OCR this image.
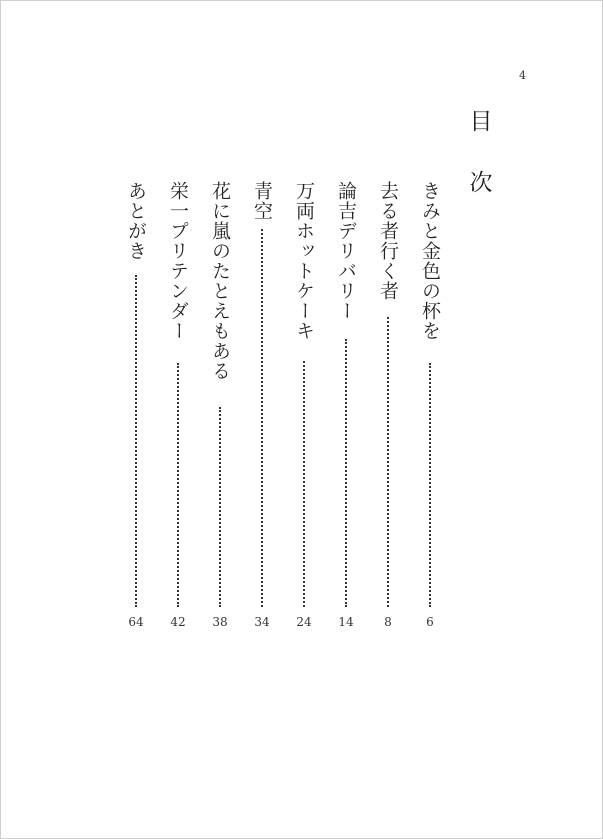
4
目
次
きみと金色の杯を
6
去る者行く者
8
論吉デリバリー
14
万両ホットケーキ
24
青空
34
花に嵐のたとえもある
38
栄一プリテンダー
42
あとがき
64
